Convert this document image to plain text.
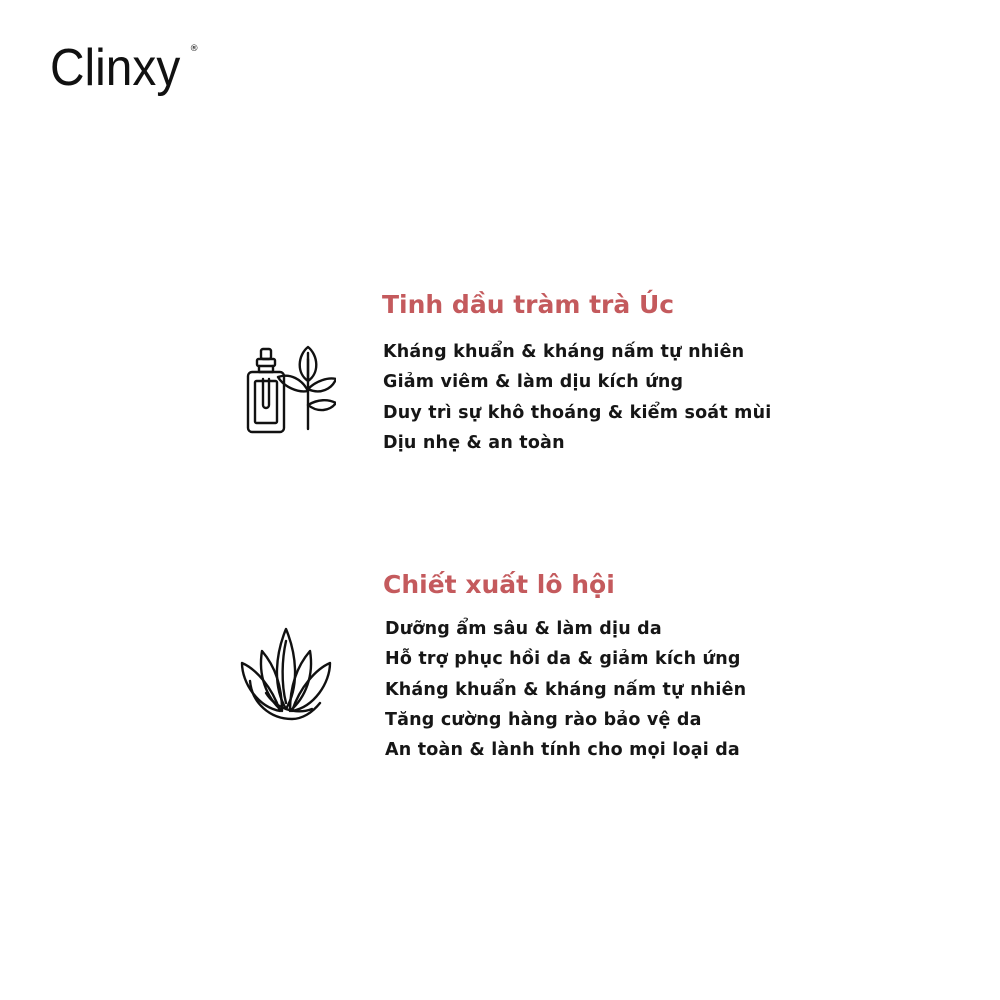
Clinxy ®
Tinh dầu tràm trà Úc
Kháng khuẩn & kháng nấm tự nhiên
Giảm viêm & làm dịu kích ứng
Duy trì sự khô thoáng & kiểm soát mùi
Dịu nhẹ & an toàn
Chiết xuất lô hội
Dưỡng ẩm sâu & làm dịu da
Hỗ trợ phục hồi da & giảm kích ứng
Kháng khuẩn & kháng nấm tự nhiên
Tăng cường hàng rào bảo vệ da
An toàn & lành tính cho mọi loại da
